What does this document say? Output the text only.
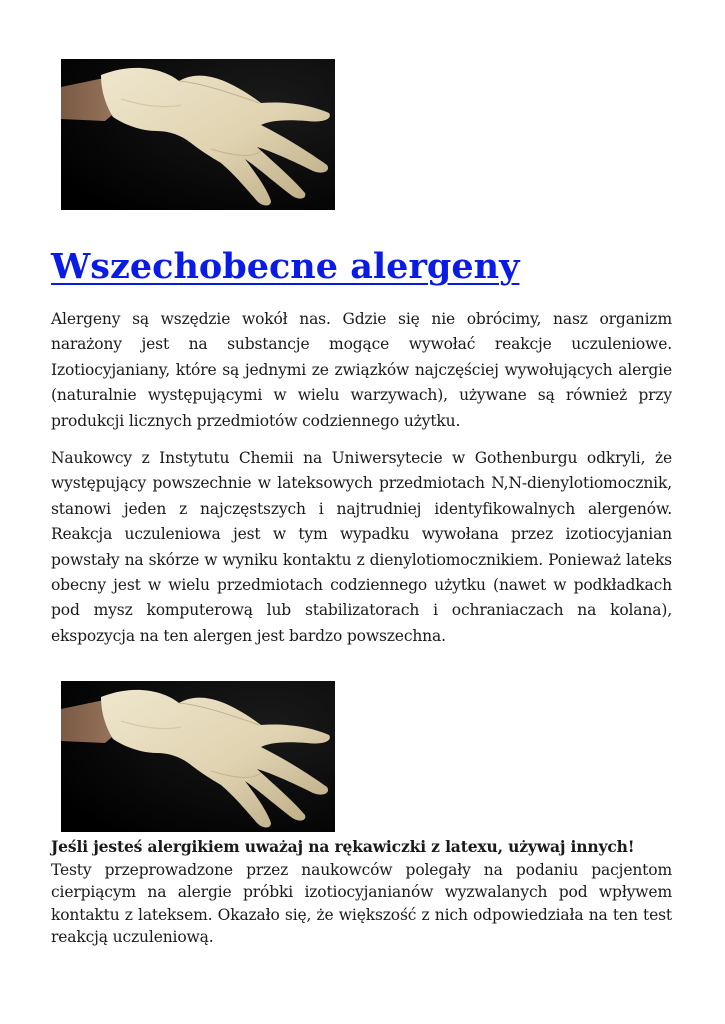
Wszechobecne alergeny

Alergeny są wszędzie wokół nas. Gdzie się nie obrócimy, nasz organizm narażony jest na substancje mogące wywołać reakcje uczuleniowe. Izotiocyjaniany, które są jednymi ze związków najczęściej wywołujących alergie (naturalnie występującymi w wielu warzywach), używane są również przy produkcji licznych przedmiotów codziennego użytku.

Naukowcy z Instytutu Chemii na Uniwersytecie w Gothenburgu odkryli, że występujący powszechnie w lateksowych przedmiotach N,N-dienylotiomocznik, stanowi jeden z najczęstszych i najtrudniej identyfikowalnych alergenów. Reakcja uczuleniowa jest w tym wypadku wywołana przez izotiocyjanian powstały na skórze w wyniku kontaktu z dienylotiomocznikiem. Ponieważ lateks obecny jest w wielu przedmiotach codziennego użytku (nawet w podkładkach pod mysz komputerową lub stabilizatorach i ochraniaczach na kolana), ekspozycja na ten alergen jest bardzo powszechna.

Jeśli jesteś alergikiem uważaj na rękawiczki z latexu, używaj innych!
Testy przeprowadzone przez naukowców polegały na podaniu pacjentom cierpiącym na alergie próbki izotiocyjanianów wyzwalanych pod wpływem kontaktu z lateksem. Okazało się, że większość z nich odpowiedziała na ten test reakcją uczuleniową.
